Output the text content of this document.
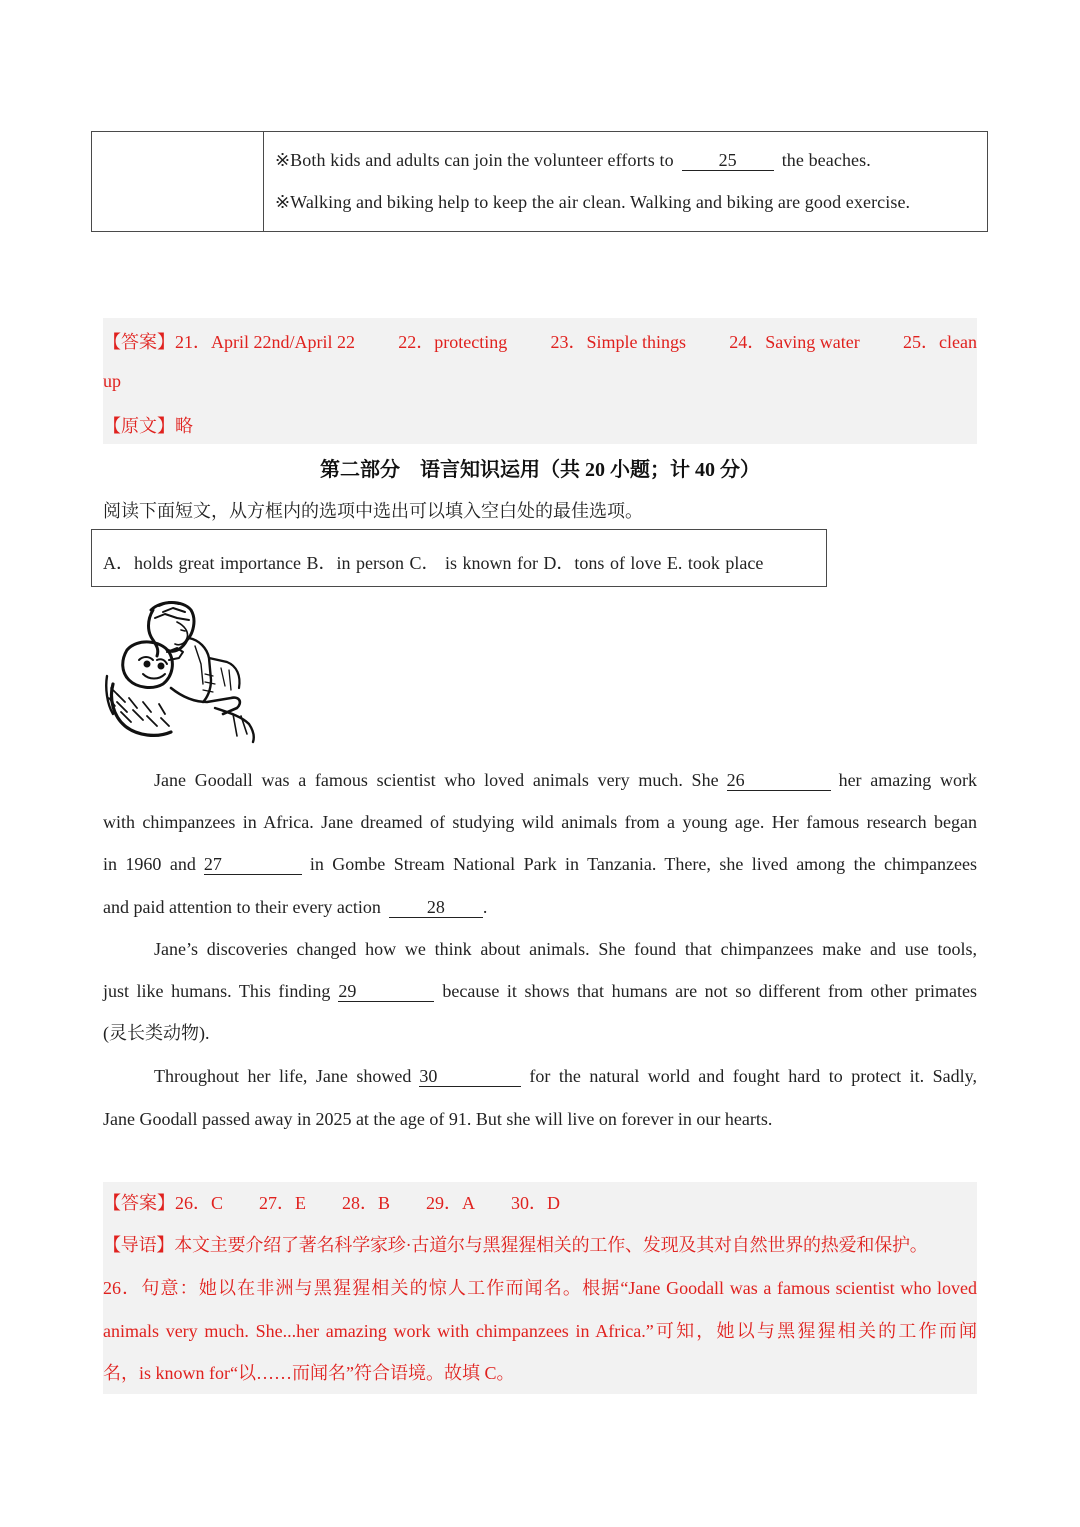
※Both kids and adults can join the volunteer efforts to 25 the beaches.
※Walking and biking help to keep the air clean. Walking and biking are good exercise.
【答案】21．April 22nd/April 22 22．protecting 23．Simple things 24．Saving water 25．clean
up
【原文】略
第二部分　语言知识运用（共 20 小题；计 40 分）
阅读下面短文，从方框内的选项中选出可以填入空白处的最佳选项。
A．holds great importance B．in person C． is known for D．tons of love E. took place
Jane Goodall was a famous scientist who loved animals very much. She 26	her amazing work
with chimpanzees in Africa. Jane dreamed of studying wild animals from a young age. Her famous research began
in 1960 and 27	in Gombe Stream National Park in Tanzania. There, she lived among the chimpanzees
and paid attention to their every action	28 .
Jane’s discoveries changed how we think about animals. She found that chimpanzees make and use tools,
just like humans. This finding 29	because it shows that humans are not so different from other primates
(灵长类动物).
Throughout her life, Jane showed 30	for the natural world and fought hard to protect it. Sadly,
Jane Goodall passed away in 2025 at the age of 91. But she will live on forever in our hearts.
【答案】26．C 27．E 28．B 29．A 30．D
【导语】本文主要介绍了著名科学家珍·古道尔与黑猩猩相关的工作、发现及其对自然世界的热爱和保护。
26．句意：她以在非洲与黑猩猩相关的惊人工作而闻名。根据“Jane Goodall was a famous scientist who loved
animals very much. She...her amazing work with chimpanzees in Africa.”可知，她以与黑猩猩相关的工作而闻
名，is known for“以……而闻名”符合语境。故填 C。
